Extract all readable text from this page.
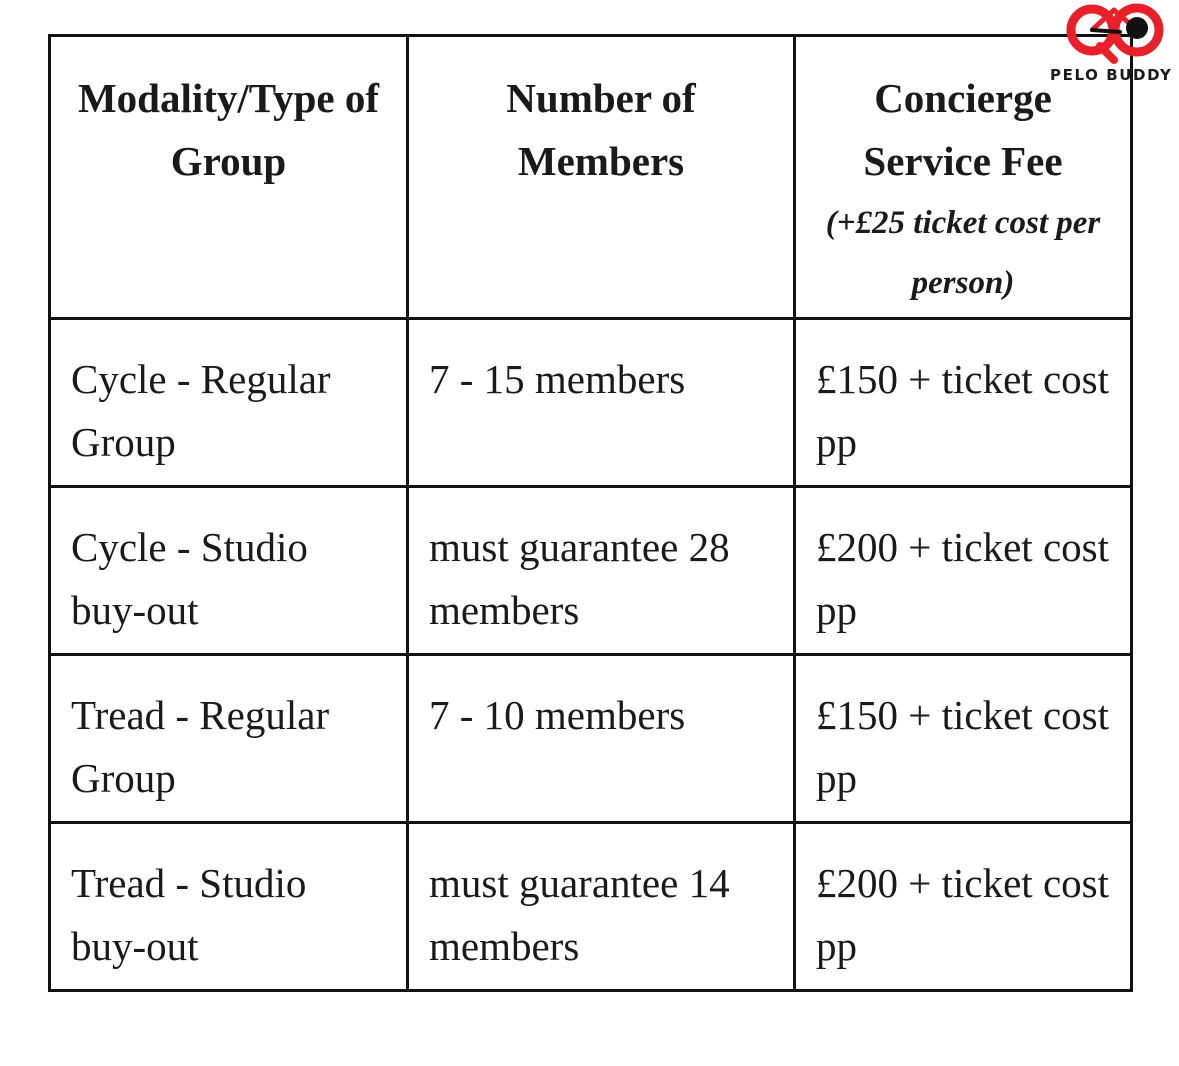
PELO BUDDY
Modality/Type of Group	Number of Members	Concierge Service Fee
(+£25 ticket cost per person)

Cycle - Regular Group	7 - 15 members	£150 + ticket cost pp
Cycle - Studio buy-out	must guarantee 28 members	£200 + ticket cost pp
Tread - Regular Group	7 - 10 members	£150 + ticket cost pp
Tread - Studio buy-out	must guarantee 14 members	£200 + ticket cost pp
